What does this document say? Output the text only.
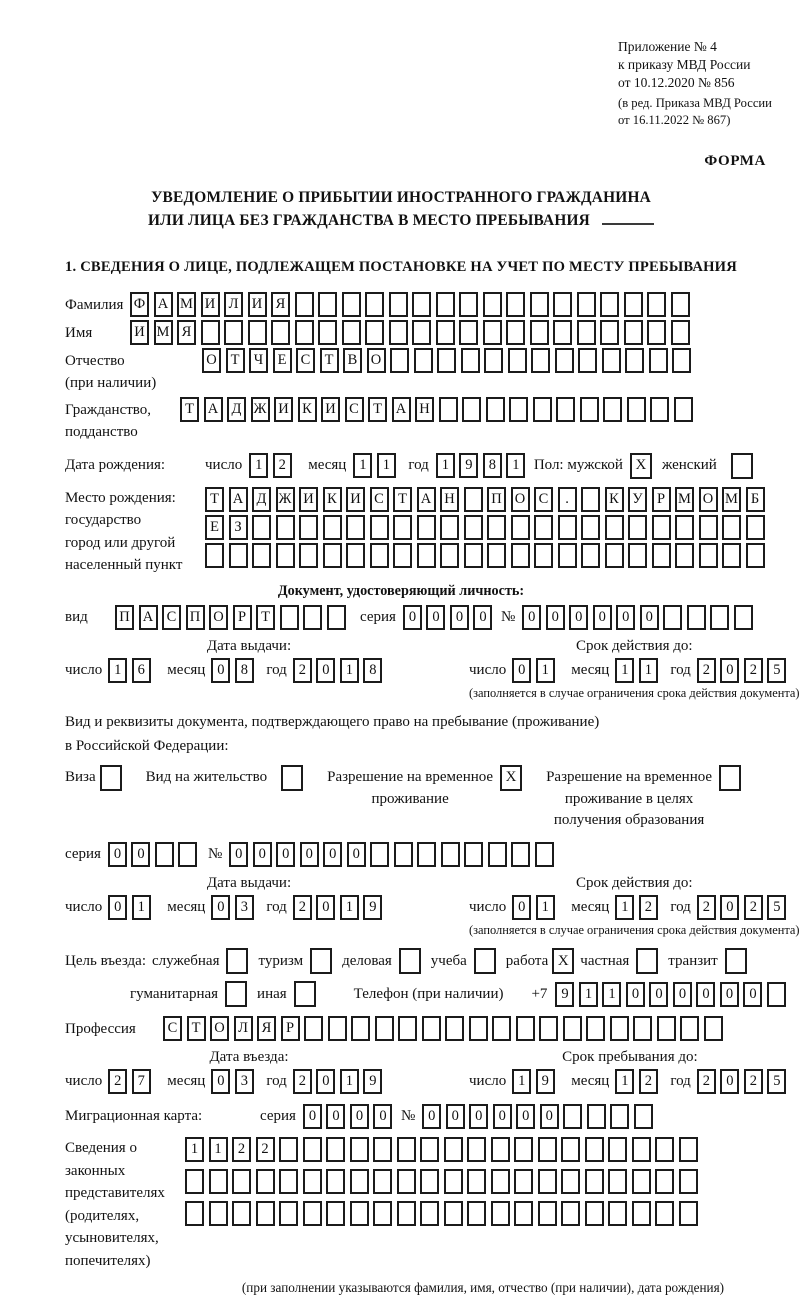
Приложение № 4
к приказу МВД России
от 10.12.2020 № 856
(в ред. Приказа МВД России
от 16.11.2022 № 867)
ФОРМА
УВЕДОМЛЕНИЕ О ПРИБЫТИИ ИНОСТРАННОГО ГРАЖДАНИНА
ИЛИ ЛИЦА БЕЗ ГРАЖДАНСТВА В МЕСТО ПРЕБЫВАНИЯ
1. СВЕДЕНИЯ О ЛИЦЕ, ПОДЛЕЖАЩЕМ ПОСТАНОВКЕ НА УЧЕТ ПО МЕСТУ ПРЕБЫВАНИЯ
Фамилия Ф А М И Л И Я
Имя	И М Я
Отчество
(при наличии)
О Т Ч Е С Т В О
Гражданство,
подданство
Т А Д Ж И К И С Т А Н
Дата рождения:	число 1	2	месяц 1	1	год 1	9	8	1 Пол: мужской X	женский
Место рождения:
государство
город или другой
населенный пункт
Т А Д Ж И К И С Т А Н	П О С	.	К У Р М О М Б
Е	З
Документ, удостоверяющий личность:
вид	П А С П О Р	Т	серия 0	0	0	0 № 0	0	0	0	0	0
Дата выдачи:
число 1	6	месяц 0	8	год 2	0	1	8
Срок действия до:
число 0	1	месяц 1	1	год 2	0	2	5
(заполняется в случае ограничения срока действия документа)
Вид и реквизиты документа, подтверждающего право на пребывание (проживание)
в Российской Федерации:
Виза	Вид на жительство	Разрешение на временное
проживание
X	Разрешение на временное
проживание в целях
получения образования
серия 0	0	№ 0	0	0	0	0	0
Дата выдачи:
число 0	1	месяц 0	3	год 2	0	1	9
Срок действия до:
число 0	1	месяц 1	2	год 2	0	2	5
(заполняется в случае ограничения срока действия документа)
Цель въезда: служебная	туризм	деловая	учеба	работа X частная	транзит
гуманитарная	иная	Телефон (при наличии) +7 9	1	1	0	0	0	0	0	0
Профессия	С Т О Л Я	Р
Дата въезда:
число 2	7	месяц 0	3	год 2	0	1	9
Срок пребывания до:
число 1	9	месяц 1	2	год 2	0	2	5
Миграционная карта:	серия 0	0	0	0 № 0	0	0	0	0	0
Сведения о
законных
представителях
(родителях,
усыновителях,
попечителях)
1	1	2	2
(при заполнении указываются фамилия, имя, отчество (при наличии), дата рождения)
